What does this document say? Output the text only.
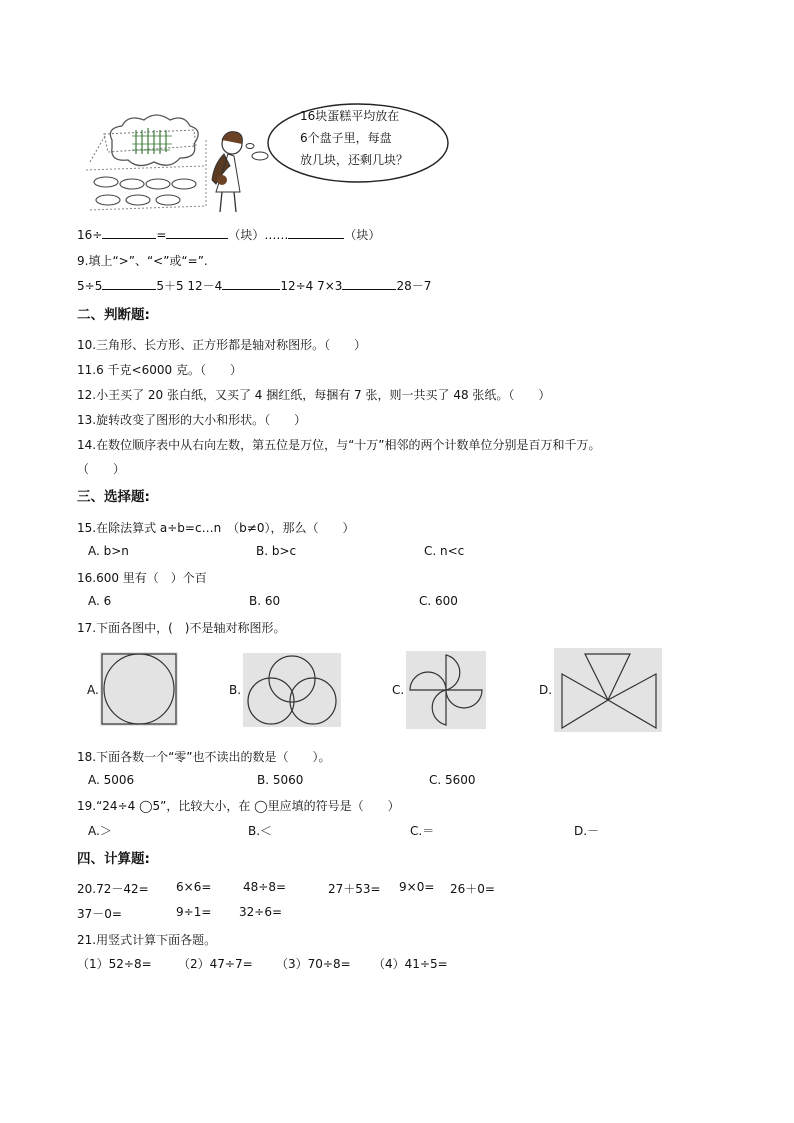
16块蛋糕平均放在
6个盘子里，每盘
放几块，还剩几块？
16÷	=	（块）……	（块）
9.填上“>”、“<”或“=”.
5÷5	5＋5 12－4	12÷4 7×3	28－7
二、判断题:
10.三角形、长方形、正方形都是轴对称图形。（　　）
11.6 千克<6000 克。（　　）
12.小王买了 20 张白纸，又买了 4 捆红纸，每捆有 7 张，则一共买了 48 张纸。（　　）
13.旋转改变了图形的大小和形状。（　　）
14.在数位顺序表中从右向左数，第五位是万位，与“十万”相邻的两个计数单位分别是百万和千万。
（　　）
三、选择题:
15.在除法算式 a÷b=c…n　（b≠0），那么（　　）
A. b>n	B. b>c	C. n<c
16.600 里有（　）个百
A. 6	B. 60	C. 600
17.下面各图中，(　)不是轴对称图形。
A.	B.	C.	D.
18.下面各数一个“零”也不读出的数是（　　）。
A. 5006	B. 5060	C. 5600
19.“24÷4 ◯5”，比较大小，在 ◯里应填的符号是（　　）
A.＞	B.＜	C.＝	D.－
四、计算题:
20.72－42= 6×6=	48÷8=	27＋53= 9×0= 26＋0=
37－0=	9÷1= 32÷6=
21.用竖式计算下面各题。
（1）52÷8= （2）47÷7= （3）70÷8= （4）41÷5=
